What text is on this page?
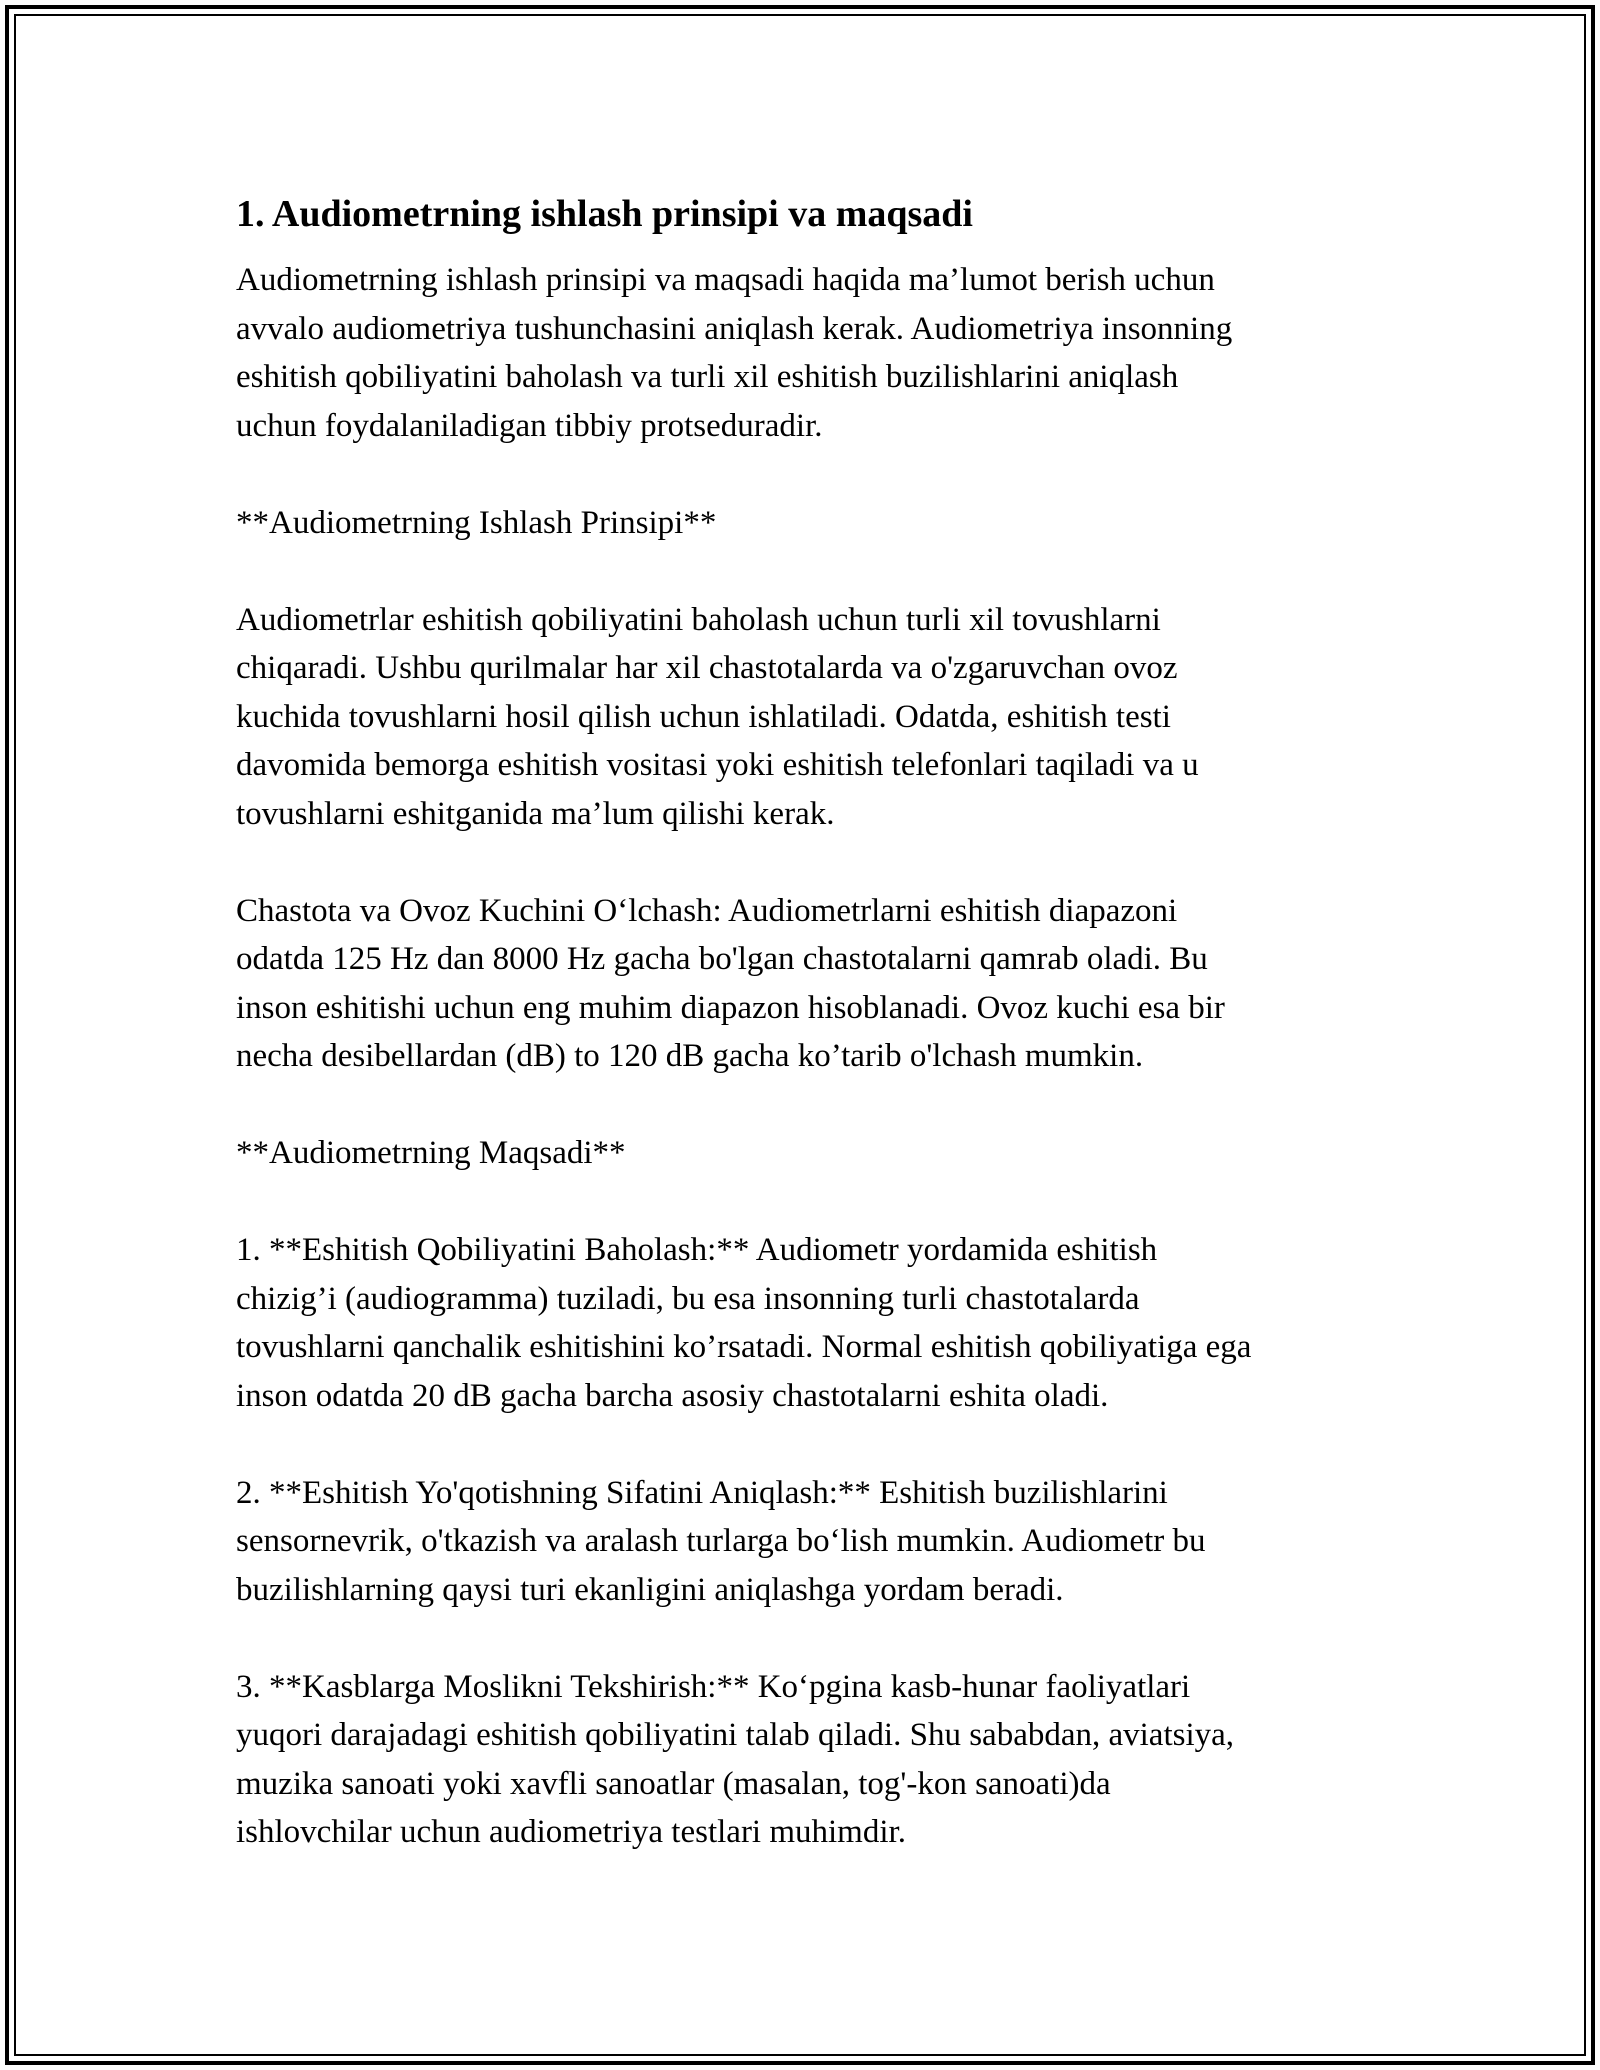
1. Audiometrning ishlash prinsipi va maqsadi
Audiometrning ishlash prinsipi va maqsadi haqida ma’lumot berish uchun
avvalo audiometriya tushunchasini aniqlash kerak. Audiometriya insonning
eshitish qobiliyatini baholash va turli xil eshitish buzilishlarini aniqlash
uchun foydalaniladigan tibbiy protseduradir.
**Audiometrning Ishlash Prinsipi**
Audiometrlar eshitish qobiliyatini baholash uchun turli xil tovushlarni
chiqaradi. Ushbu qurilmalar har xil chastotalarda va o'zgaruvchan ovoz
kuchida tovushlarni hosil qilish uchun ishlatiladi. Odatda, eshitish testi
davomida bemorga eshitish vositasi yoki eshitish telefonlari taqiladi va u
tovushlarni eshitganida ma’lum qilishi kerak.
Chastota va Ovoz Kuchini O‘lchash: Audiometrlarni eshitish diapazoni
odatda 125 Hz dan 8000 Hz gacha bo'lgan chastotalarni qamrab oladi. Bu
inson eshitishi uchun eng muhim diapazon hisoblanadi. Ovoz kuchi esa bir
necha desibellardan (dB) to 120 dB gacha ko’tarib o'lchash mumkin.
**Audiometrning Maqsadi**
1. **Eshitish Qobiliyatini Baholash:** Audiometr yordamida eshitish
chizig’i (audiogramma) tuziladi, bu esa insonning turli chastotalarda
tovushlarni qanchalik eshitishini ko’rsatadi. Normal eshitish qobiliyatiga ega
inson odatda 20 dB gacha barcha asosiy chastotalarni eshita oladi.
2. **Eshitish Yo'qotishning Sifatini Aniqlash:** Eshitish buzilishlarini
sensornevrik, o'tkazish va aralash turlarga bo‘lish mumkin. Audiometr bu
buzilishlarning qaysi turi ekanligini aniqlashga yordam beradi.
3. **Kasblarga Moslikni Tekshirish:** Ko‘pgina kasb-hunar faoliyatlari
yuqori darajadagi eshitish qobiliyatini talab qiladi. Shu sababdan, aviatsiya,
muzika sanoati yoki xavfli sanoatlar (masalan, tog'-kon sanoati)da
ishlovchilar uchun audiometriya testlari muhimdir.
